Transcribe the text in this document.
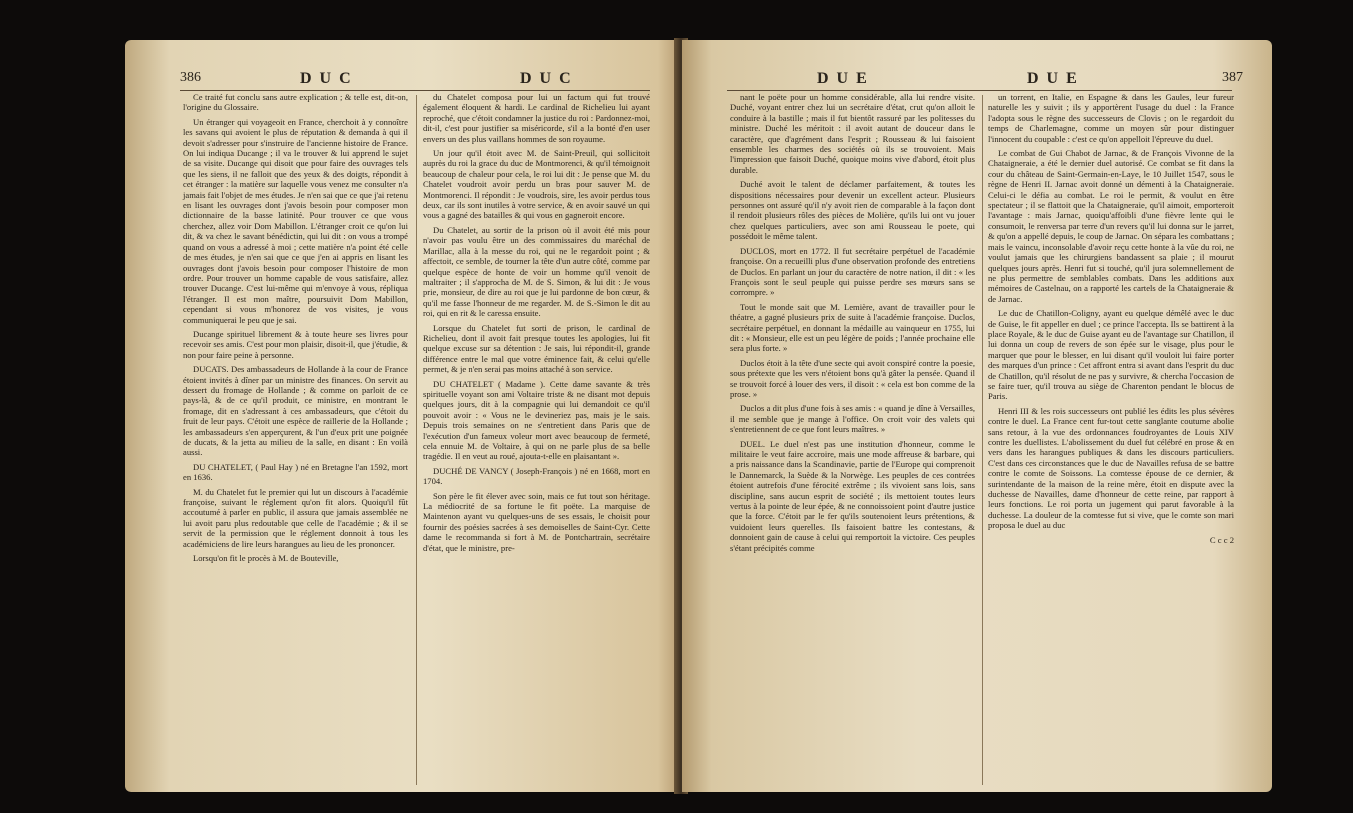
386	D U C	D U C

Ce traité fut conclu sans autre explication ; & telle est, dit-on, l'origine du Glossaire.

Un étranger qui voyageoit en France, cherchoit à y connoître les savans qui avoient le plus de réputation & demanda à qui il devoit s'adresser pour s'instruire de l'ancienne histoire de France. On lui indiqua Ducange ; il va le trouver & lui apprend le sujet de sa visite. Ducange qui disoit que pour faire des ouvrages tels que les siens, il ne falloit que des yeux & des doigts, répondit à cet étranger : la matière sur laquelle vous venez me consulter n'a jamais fait l'objet de mes études. Je n'en sai que ce que j'ai retenu en lisant les ouvrages dont j'avois besoin pour composer mon dictionnaire de la basse latinité. Pour trouver ce que vous cherchez, allez voir Dom Mabillon. L'étranger croit ce qu'on lui dit, & va chez le savant bénédictin, qui lui dit : on vous a trompé quand on vous a adressé à moi ; cette matière n'a point été celle de mes études, je n'en sai que ce que j'en ai appris en lisant les ouvrages dont j'avois besoin pour composer l'histoire de mon ordre. Pour trouver un homme capable de vous satisfaire, allez trouver Ducange. C'est lui-même qui m'envoye à vous, répliqua l'étranger. Il est mon maître, poursuivit Dom Mabillon, cependant si vous m'honorez de vos visites, je vous communiquerai le peu que je sai.

Ducange spirituel librement & à toute heure ses livres pour recevoir ses amis. C'est pour mon plaisir, disoit-il, que j'étudie, & non pour faire peine à personne.

DUCATS. Des ambassadeurs de Hollande à la cour de France étoient invités à dîner par un ministre des finances. On servit au dessert du fromage de Hollande ; & comme on parloit de ce pays-là, & de ce qu'il produit, ce ministre, en montrant le fromage, dit en s'adressant à ces ambassadeurs, que c'étoit du fruit de leur pays. C'étoit une espèce de raillerie de la Hollande ; les ambassadeurs s'en apperçurent, & l'un d'eux prit une poignée de ducats, & la jetta au milieu de la salle, en disant : En voilà aussi.

DU CHATELET, ( Paul Hay ) né en Bretagne l'an 1592, mort en 1636.

M. du Chatelet fut le premier qui lut un discours à l'académie françoise, suivant le réglement qu'on fit alors. Quoiqu'il fût accoutumé à parler en public, il assura que jamais assemblée ne lui avoit paru plus redoutable que celle de l'académie ; & il se servit de la permission que le réglement donnoit à tous les académiciens de lire leurs harangues au lieu de les prononcer.

Lorsqu'on fit le procès à M. de Bouteville,

du Chatelet composa pour lui un factum qui fut trouvé également éloquent & hardi. Le cardinal de Richelieu lui ayant reproché, que c'étoit condamner la justice du roi : Pardonnez-moi, dit-il, c'est pour justifier sa miséricorde, s'il a la bonté d'en user envers un des plus vaillans hommes de son royaume.

Un jour qu'il étoit avec M. de Saint-Preuil, qui sollicitoit auprès du roi la grace du duc de Montmorenci, & qu'il témoignoit beaucoup de chaleur pour cela, le roi lui dit : Je pense que M. du Chatelet voudroit avoir perdu un bras pour sauver M. de Montmorenci. Il répondit : Je voudrois, sire, les avoir perdus tous deux, car ils sont inutiles à votre service, & en avoir sauvé un qui vous a gagné des batailles & qui vous en gagneroit encore.

Du Chatelet, au sortir de la prison où il avoit été mis pour n'avoir pas voulu être un des commissaires du maréchal de Marillac, alla à la messe du roi, qui ne le regardoit point ; & affectoit, ce semble, de tourner la tête d'un autre côté, comme par quelque espèce de honte de voir un homme qu'il venoit de maltraiter ; il s'approcha de M. de S. Simon, & lui dit : Je vous prie, monsieur, de dire au roi que je lui pardonne de bon cœur, & qu'il me fasse l'honneur de me regarder. M. de S.-Simon le dit au roi, qui en rit & le caressa ensuite.

Lorsque du Chatelet fut sorti de prison, le cardinal de Richelieu, dont il avoit fait presque toutes les apologies, lui fit quelque excuse sur sa détention : Je sais, lui répondit-il, grande différence entre le mal que votre éminence fait, & celui qu'elle permet, & je n'en serai pas moins attaché à son service.

DU CHATELET ( Madame ). Cette dame savante & très spirituelle voyant son ami Voltaire triste & ne disant mot depuis quelques jours, dit à la compagnie qui lui demandoit ce qu'il pouvoit avoir : « Vous ne le devineriez pas, mais je le sais. Depuis trois semaines on ne s'entretient dans Paris que de l'exécution d'un fameux voleur mort avec beaucoup de fermeté, cela ennuie M. de Voltaire, à qui on ne parle plus de sa belle tragédie. Il en veut au roué, ajouta-t-elle en plaisantant ».

DUCHÉ DE VANCY ( Joseph-François ) né en 1668, mort en 1704.

Son père le fit élever avec soin, mais ce fut tout son héritage. La médiocrité de sa fortune le fit poëte. La marquise de Maintenon ayant vu quelques-uns de ses essais, le choisit pour fournir des poésies sacrées à ses demoiselles de Saint-Cyr. Cette dame le recommanda si fort à M. de Pontchartrain, secrétaire d'état, que le ministre, pre-

D U E	D U E	387

nant le poëte pour un homme considérable, alla lui rendre visite. Duché, voyant entrer chez lui un secrétaire d'état, crut qu'on alloit le conduire à la bastille ; mais il fut bientôt rassuré par les politesses du ministre. Duché les méritoit : il avoit autant de douceur dans le caractère, que d'agrément dans l'esprit ; Rousseau & lui faisoient ensemble les charmes des sociétés où ils se trouvoient. Mais l'impression que faisoit Duché, quoique moins vive d'abord, étoit plus durable.

Duché avoit le talent de déclamer parfaitement, & toutes les dispositions nécessaires pour devenir un excellent acteur. Plusieurs personnes ont assuré qu'il n'y avoit rien de comparable à la façon dont il rendoit plusieurs rôles des pièces de Molière, qu'ils lui ont vu jouer chez quelques particuliers, avec son ami Rousseau le poete, qui possédoit le même talent.

DUCLOS, mort en 1772. Il fut secrétaire perpétuel de l'académie françoise. On a recueilli plus d'une observation profonde des entretiens de Duclos. En parlant un jour du caractère de notre nation, il dit : « les François sont le seul peuple qui puisse perdre ses mœurs sans se corrompre. »

Tout le monde sait que M. Lemière, avant de travailler pour le théatre, a gagné plusieurs prix de suite à l'académie françoise. Duclos, secrétaire perpétuel, en donnant la médaille au vainqueur en 1755, lui dit : « Monsieur, elle est un peu légère de poids ; l'année prochaine elle sera plus forte. »

Duclos étoit à la tête d'une secte qui avoit conspiré contre la poesie, sous prétexte que les vers n'étoient bons qu'à gâter la pensée. Quand il se trouvoit forcé à louer des vers, il disoit : « cela est bon comme de la prose. »

Duclos a dit plus d'une fois à ses amis : « quand je dîne à Versailles, il me semble que je mange à l'office. On croit voir des valets qui s'entretiennent de ce que font leurs maîtres. »

DUEL. Le duel n'est pas une institution d'honneur, comme le militaire le veut faire accroire, mais une mode affreuse & barbare, qui a pris naissance dans la Scandinavie, partie de l'Europe qui comprenoit le Dannemarck, la Suède & la Norwège. Les peuples de ces contrées étoient autrefois d'une férocité extrême ; ils vivoient sans lois, sans discipline, sans aucun esprit de société ; ils mettoient toutes leurs vertus à la pointe de leur épée, & ne connoissoient point d'autre justice que la force. C'étoit par le fer qu'ils soutenoient leurs prétentions, & vuidoient leurs querelles. Ils faisoient battre les contestans, & donnoient gain de cause à celui qui remportoit la victoire. Ces peuples s'étant précipités comme

un torrent, en Italie, en Espagne & dans les Gaules, leur fureur naturelle les y suivit ; ils y apportèrent l'usage du duel : la France l'adopta sous le règne des successeurs de Clovis ; on le regardoit du temps de Charlemagne, comme un moyen sûr pour distinguer l'innocent du coupable : c'est ce qu'on appelloit l'épreuve du duel.

Le combat de Gui Chabot de Jarnac, & de François Vivonne de la Chataigneraie, a été le dernier duel autorisé. Ce combat se fit dans la cour du château de Saint-Germain-en-Laye, le 10 Juillet 1547, sous le règne de Henri II. Jarnac avoit donné un démenti à la Chataigneraie. Celui-ci le défia au combat. Le roi le permit, & voulut en être spectateur ; il se flattoit que la Chataigneraie, qu'il aimoit, emporteroit l'avantage : mais Jarnac, quoiqu'affoibli d'une fièvre lente qui le consumoit, le renversa par terre d'un revers qu'il lui donna sur le jarret, & qu'on a appellé depuis, le coup de Jarnac. On sépara les combattans ; mais le vaincu, inconsolable d'avoir reçu cette honte à la vûe du roi, ne voulut jamais que les chirurgiens bandassent sa plaie ; il mourut quelques jours après. Henri fut si touché, qu'il jura solemnellement de ne plus permettre de semblables combats. Dans les additions aux mémoires de Castelnau, on a rapporté les cartels de la Chataigneraie & de Jarnac.

Le duc de Chatillon-Coligny, ayant eu quelque démêlé avec le duc de Guise, le fit appeller en duel ; ce prince l'accepta. Ils se battirent à la place Royale, & le duc de Guise ayant eu de l'avantage sur Chatillon, il lui donna un coup de revers de son épée sur le visage, plus pour le marquer que pour le blesser, en lui disant qu'il vouloit lui faire porter des marques d'un prince : Cet affront entra si avant dans l'esprit du duc de Chatillon, qu'il résolut de ne pas y survivre, & chercha l'occasion de se faire tuer, qu'il trouva au siège de Charenton pendant le blocus de Paris.

Henri III & les rois successeurs ont publié les édits les plus sévères contre le duel. La France cent fur-tout cette sanglante coutume abolie sans retour, à la vue des ordonnances foudroyantes de Louis XIV contre les duellistes. L'abolissement du duel fut célébré en prose & en vers dans les harangues publiques & dans les discours particuliers. C'est dans ces circonstances que le duc de Navailles refusa de se battre contre le comte de Soissons. La comtesse épouse de ce dernier, & surintendante de la maison de la reine mère, étoit en dispute avec la duchesse de Navailles, dame d'honneur de cette reine, par rapport à leurs fonctions. Le roi porta un jugement qui parut favorable à la duchesse. La douleur de la comtesse fut si vive, que le comte son mari proposa le duel au duc

C c c 2
